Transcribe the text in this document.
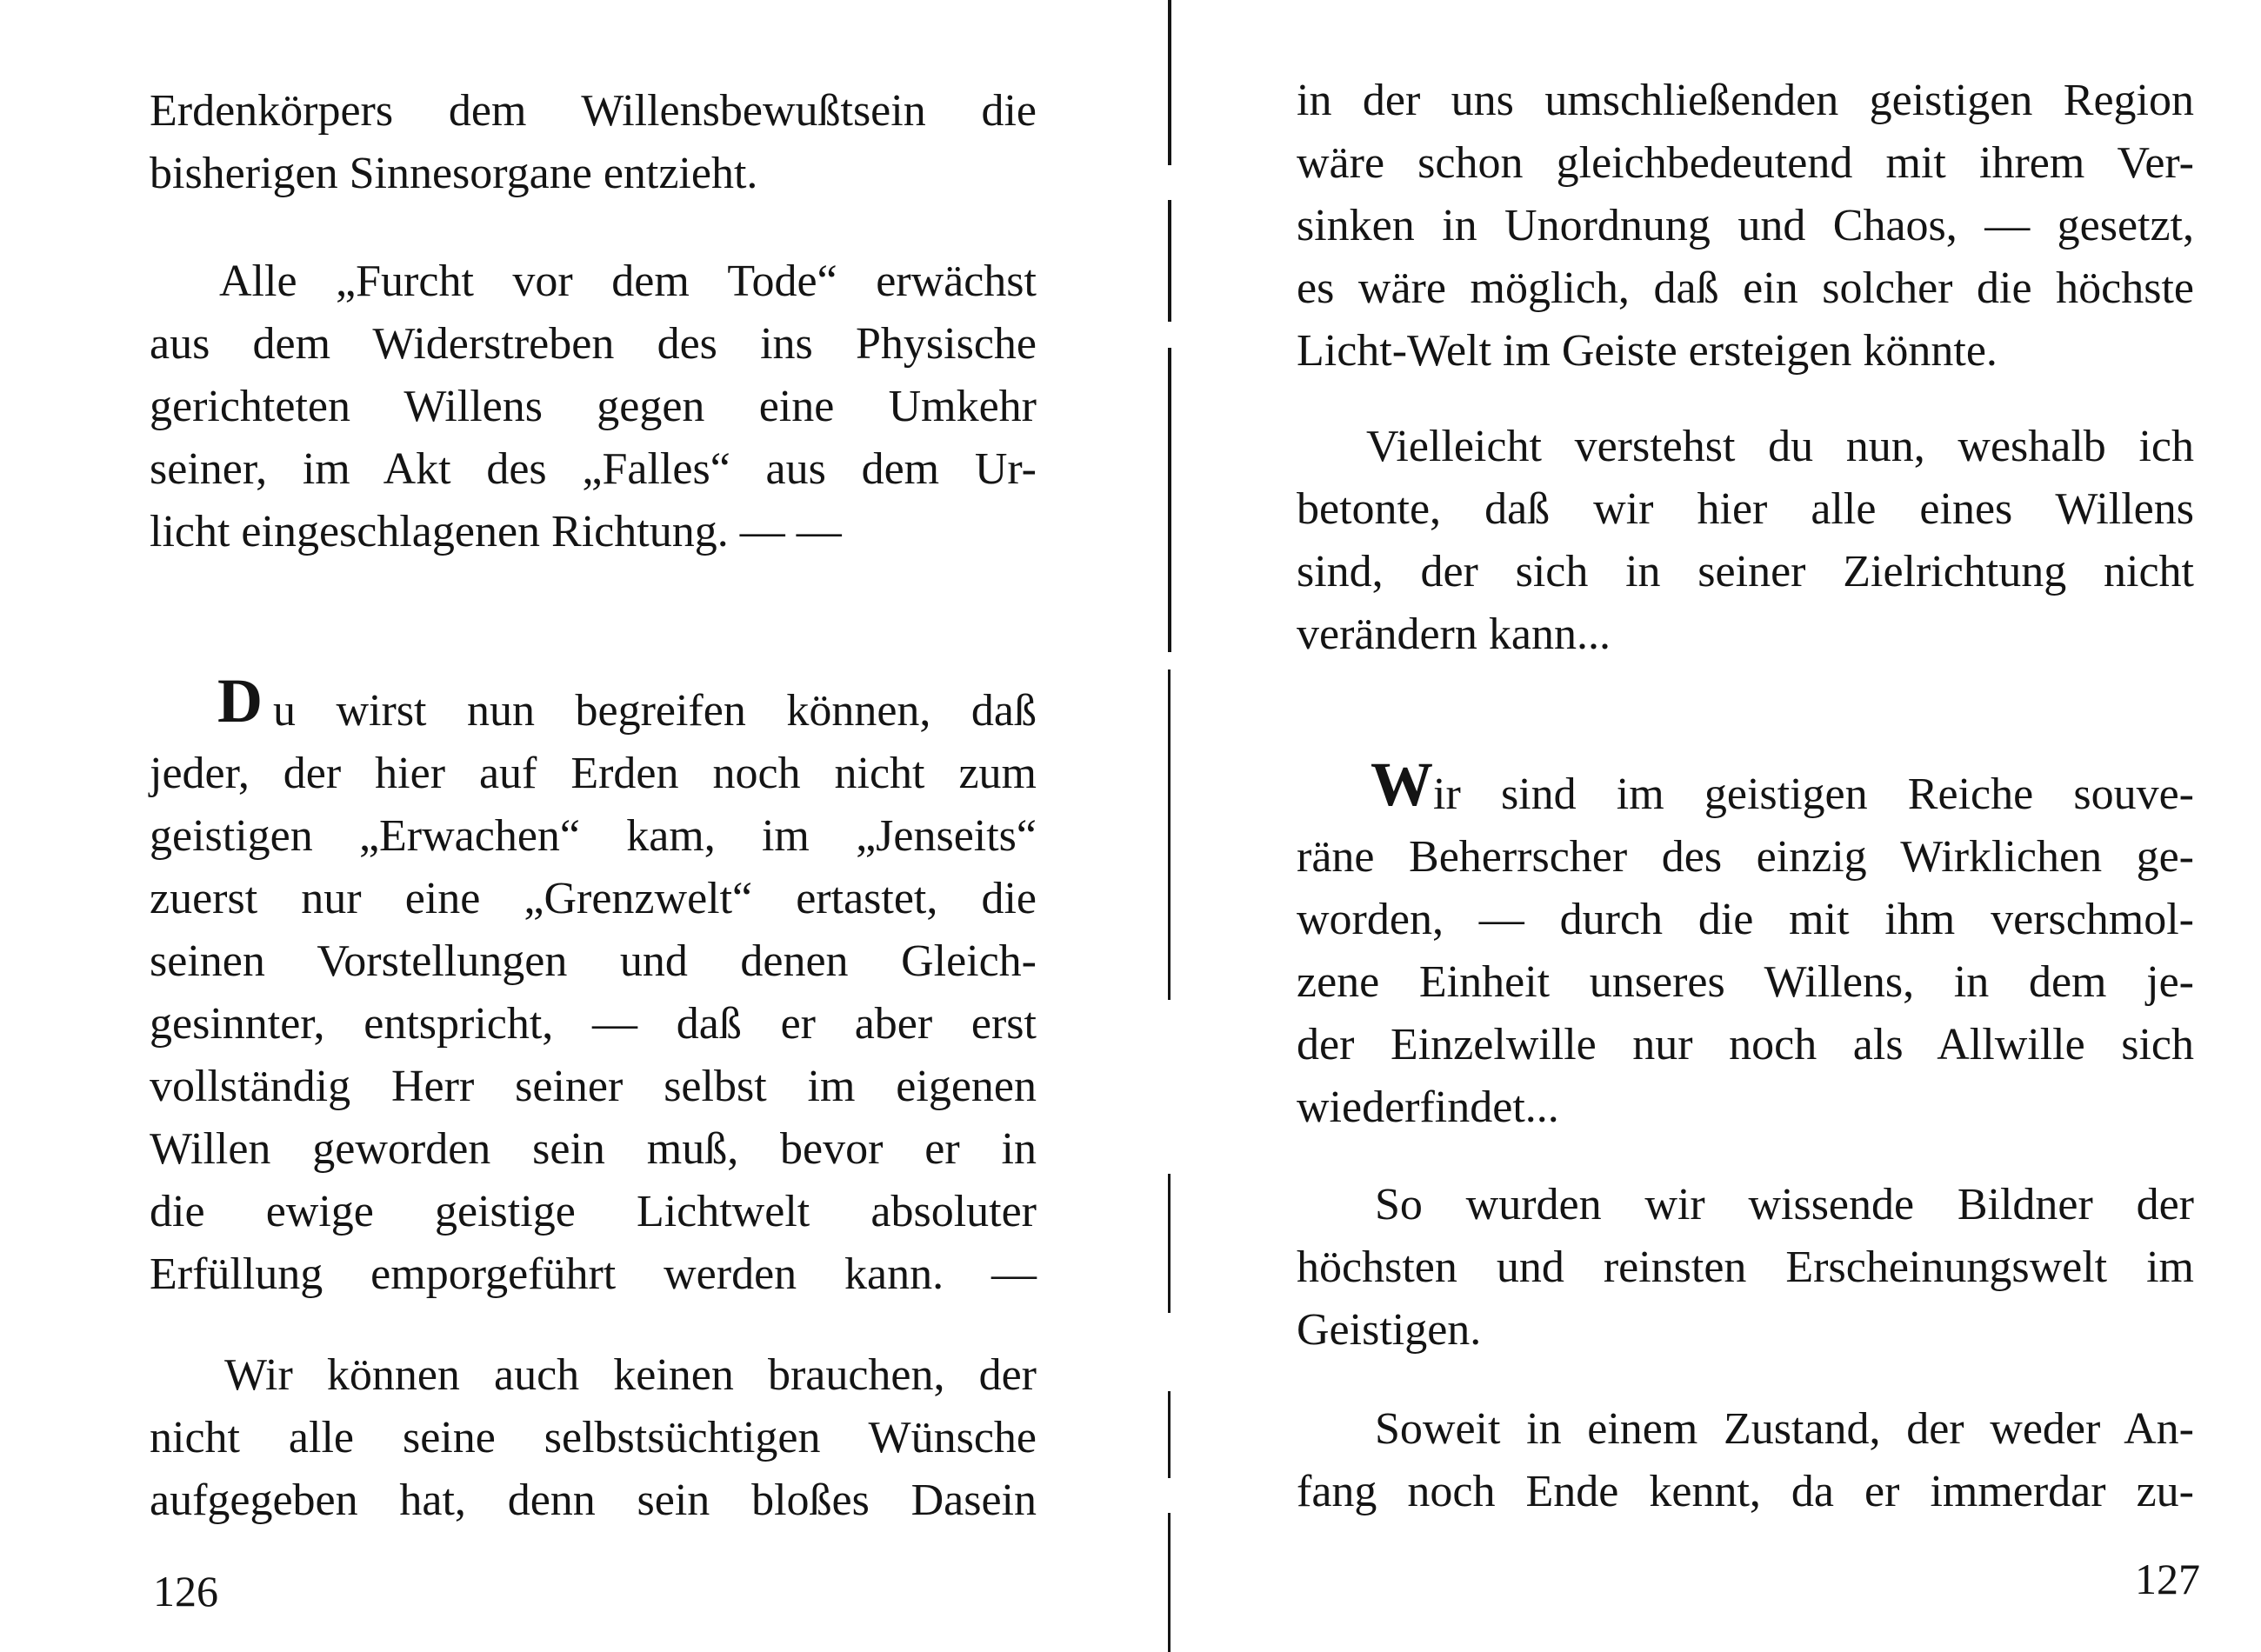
Erdenkörpers dem Willensbewußtsein die
bisherigen Sinnesorgane entzieht.
Alle „Furcht vor dem Tode“ erwächst
aus dem Widerstreben des ins Physische
gerichteten Willens gegen eine Umkehr
seiner, im Akt des „Falles“ aus dem Ur-
licht eingeschlagenen Richtung. — —
D u wirst nun begreifen können, daß
jeder, der hier auf Erden noch nicht zum
geistigen „Erwachen“ kam, im „Jenseits“
zuerst nur eine „Grenzwelt“ ertastet, die
seinen Vorstellungen und denen Gleich-
gesinnter, entspricht, — daß er aber erst
vollständig Herr seiner selbst im eigenen
Willen geworden sein muß, bevor er in
die ewige geistige Lichtwelt absoluter
Erfüllung emporgeführt werden kann. —
Wir können auch keinen brauchen, der
nicht alle seine selbstsüchtigen Wünsche
aufgegeben hat, denn sein bloßes Dasein
126
in der uns umschließenden geistigen Region
wäre schon gleichbedeutend mit ihrem Ver-
sinken in Unordnung und Chaos, — gesetzt,
es wäre möglich, daß ein solcher die höchste
Licht-Welt im Geiste ersteigen könnte.
Vielleicht verstehst du nun, weshalb ich
betonte, daß wir hier alle eines Willens
sind, der sich in seiner Zielrichtung nicht
verändern kann...
W ir sind im geistigen Reiche souve-
räne Beherrscher des einzig Wirklichen ge-
worden, — durch die mit ihm verschmol-
zene Einheit unseres Willens, in dem je-
der Einzelwille nur noch als Allwille sich
wiederfindet...
So wurden wir wissende Bildner der
höchsten und reinsten Erscheinungswelt im
Geistigen.
Soweit in einem Zustand, der weder An-
fang noch Ende kennt, da er immerdar zu-
127
